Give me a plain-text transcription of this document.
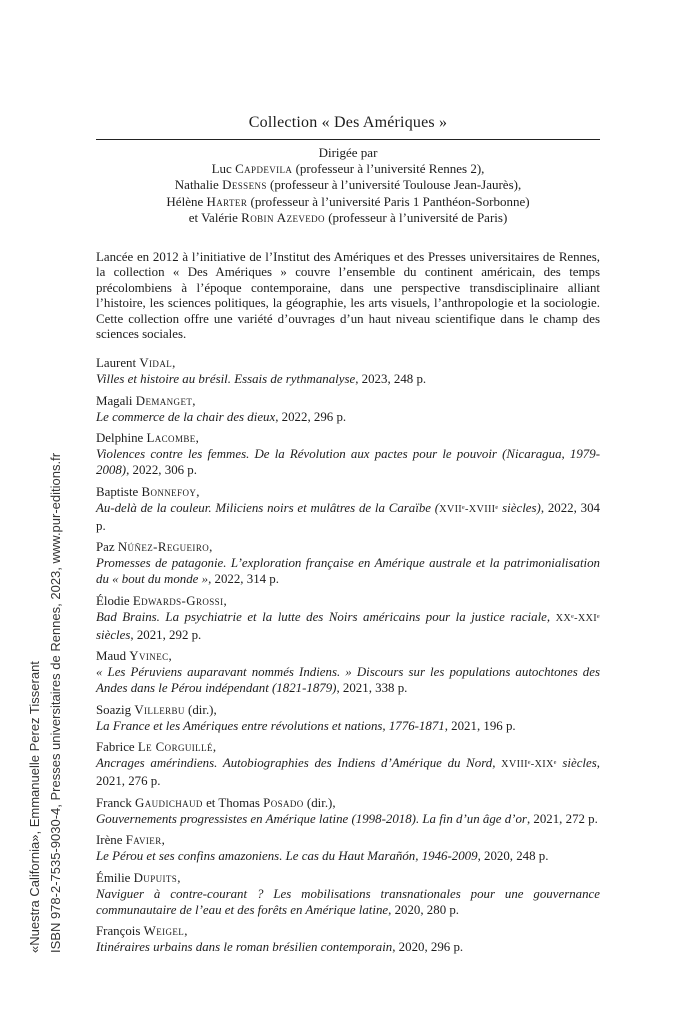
«Nuestra California», Emmanuelle Perez Tisserant ISBN 978-2-7535-9030-4, Presses universitaires de Rennes, 2023, www.pur-editions.fr
Collection « Des Amériques »
Dirigée par
Luc Capdevila (professeur à l’université Rennes 2),
Nathalie Dessens (professeur à l’université Toulouse Jean-Jaurès),
Hélène Harter (professeur à l’université Paris 1 Panthéon-Sorbonne)
et Valérie Robin Azevedo (professeur à l’université de Paris)

Lancée en 2012 à l’initiative de l’Institut des Amériques et des Presses universitaires de Rennes, la collection « Des Amériques » couvre l’ensemble du continent américain, des temps précolombiens à l’époque contemporaine, dans une perspective transdisciplinaire alliant l’histoire, les sciences politiques, la géographie, les arts visuels, l’anthropologie et la sociologie. Cette collection offre une variété d’ouvrages d’un haut niveau scientifique dans le champ des sciences sociales.

Laurent Vidal,

Villes et histoire au brésil. Essais de rythmanalyse, 2023, 248 p.

Magali Demanget,

Le commerce de la chair des dieux, 2022, 296 p.

Delphine Lacombe,

Violences contre les femmes. De la Révolution aux pactes pour le pouvoir (Nicaragua, 1979-2008), 2022, 306 p.

Baptiste Bonnefoy,

Au-delà de la couleur. Miliciens noirs et mulâtres de la Caraïbe (XVIIᵉ-XVIIIᵉ siècles), 2022, 304 p.

Paz Núñez-Regueiro,

Promesses de patagonie. L’exploration française en Amérique australe et la patrimonialisation du « bout du monde », 2022, 314 p.

Élodie Edwards-Grossi,

Bad Brains. La psychiatrie et la lutte des Noirs américains pour la justice raciale, XXᵉ-XXIᵉ siècles, 2021, 292 p.

Maud Yvinec,

« Les Péruviens auparavant nommés Indiens. » Discours sur les populations autochtones des Andes dans le Pérou indépendant (1821-1879), 2021, 338 p.

Soazig Villerbu (dir.),

La France et les Amériques entre révolutions et nations, 1776-1871, 2021, 196 p.

Fabrice Le Corguillé,

Ancrages amérindiens. Autobiographies des Indiens d’Amérique du Nord, XVIIIᵉ-XIXᵉ siècles, 2021, 276 p.

Franck Gaudichaud et Thomas Posado (dir.),

Gouvernements progressistes en Amérique latine (1998-2018). La fin d’un âge d’or, 2021, 272 p.

Irène Favier,

Le Pérou et ses confins amazoniens. Le cas du Haut Marañón, 1946-2009, 2020, 248 p.

Émilie Dupuits,

Naviguer à contre-courant ? Les mobilisations transnationales pour une gouvernance communautaire de l’eau et des forêts en Amérique latine, 2020, 280 p.

François Weigel,

Itinéraires urbains dans le roman brésilien contemporain, 2020, 296 p.
